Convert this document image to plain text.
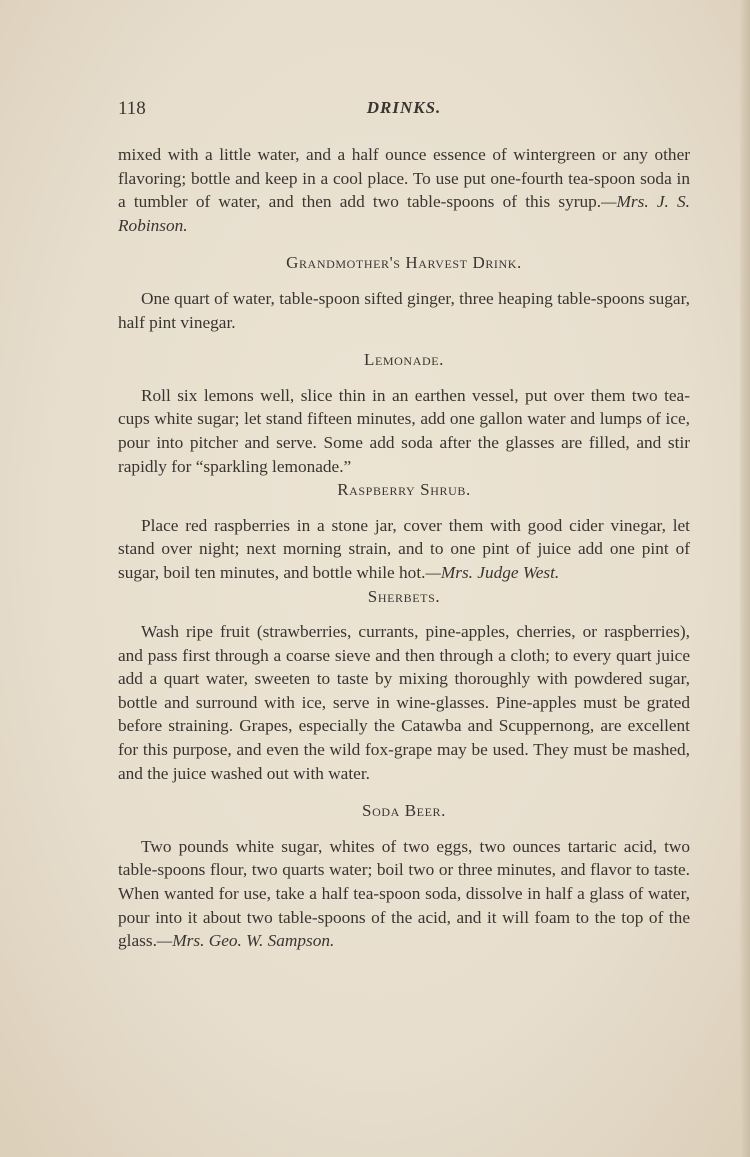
118	DRINKS.

mixed with a little water, and a half ounce essence of wintergreen or any other flavoring; bottle and keep in a cool place. To use put one-fourth tea-spoon soda in a tumbler of water, and then add two table-spoons of this syrup.—Mrs. J. S. Robinson.

Grandmother's Harvest Drink.

One quart of water, table-spoon sifted ginger, three heaping table-spoons sugar, half pint vinegar.

Lemonade.

Roll six lemons well, slice thin in an earthen vessel, put over them two tea-cups white sugar; let stand fifteen minutes, add one gallon water and lumps of ice, pour into pitcher and serve. Some add soda after the glasses are filled, and stir rapidly for “sparkling lemonade.”

Raspberry Shrub.

Place red raspberries in a stone jar, cover them with good cider vinegar, let stand over night; next morning strain, and to one pint of juice add one pint of sugar, boil ten minutes, and bottle while hot.—Mrs. Judge West.

Sherbets.

Wash ripe fruit (strawberries, currants, pine-apples, cherries, or raspberries), and pass first through a coarse sieve and then through a cloth; to every quart juice add a quart water, sweeten to taste by mixing thoroughly with powdered sugar, bottle and surround with ice, serve in wine-glasses. Pine-apples must be grated before straining. Grapes, especially the Catawba and Scuppernong, are excellent for this purpose, and even the wild fox-grape may be used. They must be mashed, and the juice washed out with water.

Soda Beer.

Two pounds white sugar, whites of two eggs, two ounces tartaric acid, two table-spoons flour, two quarts water; boil two or three minutes, and flavor to taste. When wanted for use, take a half tea-spoon soda, dissolve in half a glass of water, pour into it about two table-spoons of the acid, and it will foam to the top of the glass.—Mrs. Geo. W. Sampson.
